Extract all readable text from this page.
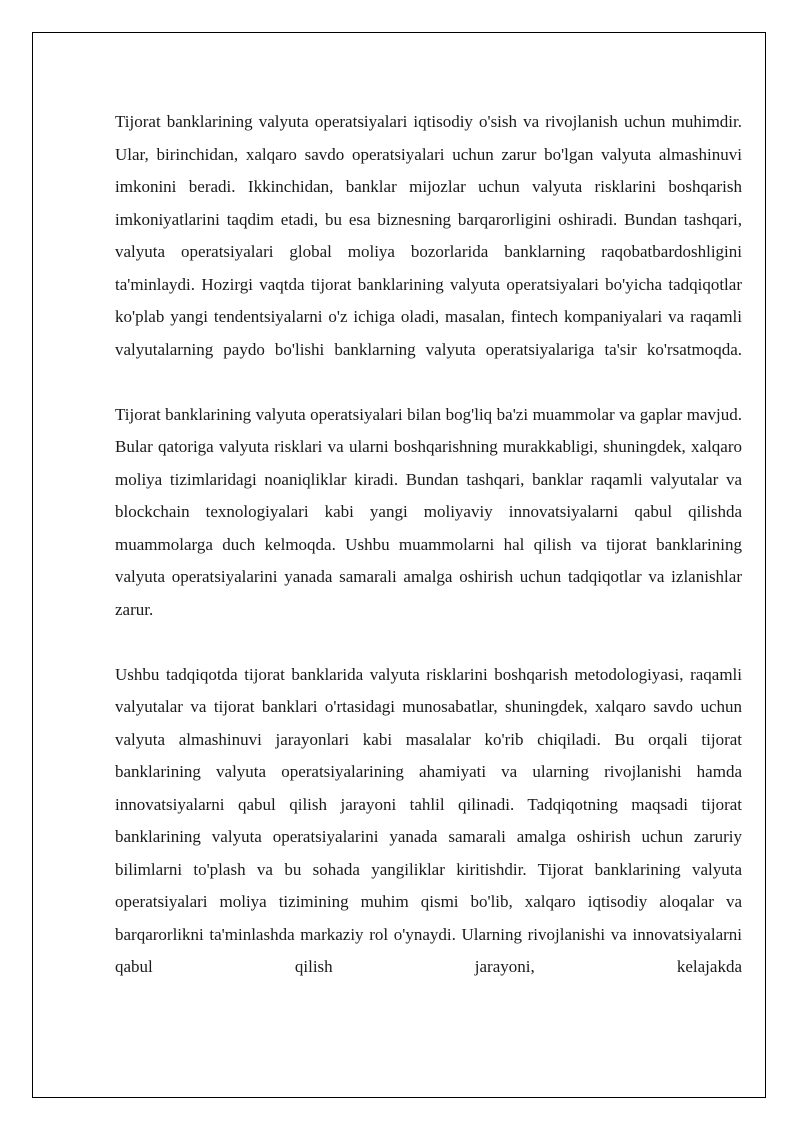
Tijorat banklarining valyuta operatsiyalari iqtisodiy o'sish va rivojlanish uchun muhimdir. Ular, birinchidan, xalqaro savdo operatsiyalari uchun zarur bo'lgan valyuta almashinuvi imkonini beradi. Ikkinchidan, banklar mijozlar uchun valyuta risklarini boshqarish imkoniyatlarini taqdim etadi, bu esa biznesning barqarorligini oshiradi. Bundan tashqari, valyuta operatsiyalari global moliya bozorlarida banklarning raqobatbardoshligini ta'minlaydi. Hozirgi vaqtda tijorat banklarining valyuta operatsiyalari bo'yicha tadqiqotlar ko'plab yangi tendentsiyalarni o'z ichiga oladi, masalan, fintech kompaniyalari va raqamli valyutalarning paydo bo'lishi banklarning valyuta operatsiyalariga ta'sir ko'rsatmoqda.

Tijorat banklarining valyuta operatsiyalari bilan bog'liq ba'zi muammolar va gaplar mavjud. Bular qatoriga valyuta risklari va ularni boshqarishning murakkabligi, shuningdek, xalqaro moliya tizimlaridagi noaniqliklar kiradi. Bundan tashqari, banklar raqamli valyutalar va blockchain texnologiyalari kabi yangi moliyaviy innovatsiyalarni qabul qilishda muammolarga duch kelmoqda. Ushbu muammolarni hal qilish va tijorat banklarining valyuta operatsiyalarini yanada samarali amalga oshirish uchun tadqiqotlar va izlanishlar zarur.

Ushbu tadqiqotda tijorat banklarida valyuta risklarini boshqarish metodologiyasi, raqamli valyutalar va tijorat banklari o'rtasidagi munosabatlar, shuningdek, xalqaro savdo uchun valyuta almashinuvi jarayonlari kabi masalalar ko'rib chiqiladi. Bu orqali tijorat banklarining valyuta operatsiyalarining ahamiyati va ularning rivojlanishi hamda innovatsiyalarni qabul qilish jarayoni tahlil qilinadi. Tadqiqotning maqsadi tijorat banklarining valyuta operatsiyalarini yanada samarali amalga oshirish uchun zaruriy bilimlarni to'plash va bu sohada yangiliklar kiritishdir. Tijorat banklarining valyuta operatsiyalari moliya tizimining muhim qismi bo'lib, xalqaro iqtisodiy aloqalar va barqarorlikni ta'minlashda markaziy rol o'ynaydi. Ularning rivojlanishi va innovatsiyalarni qabul qilish jarayoni, kelajakda
